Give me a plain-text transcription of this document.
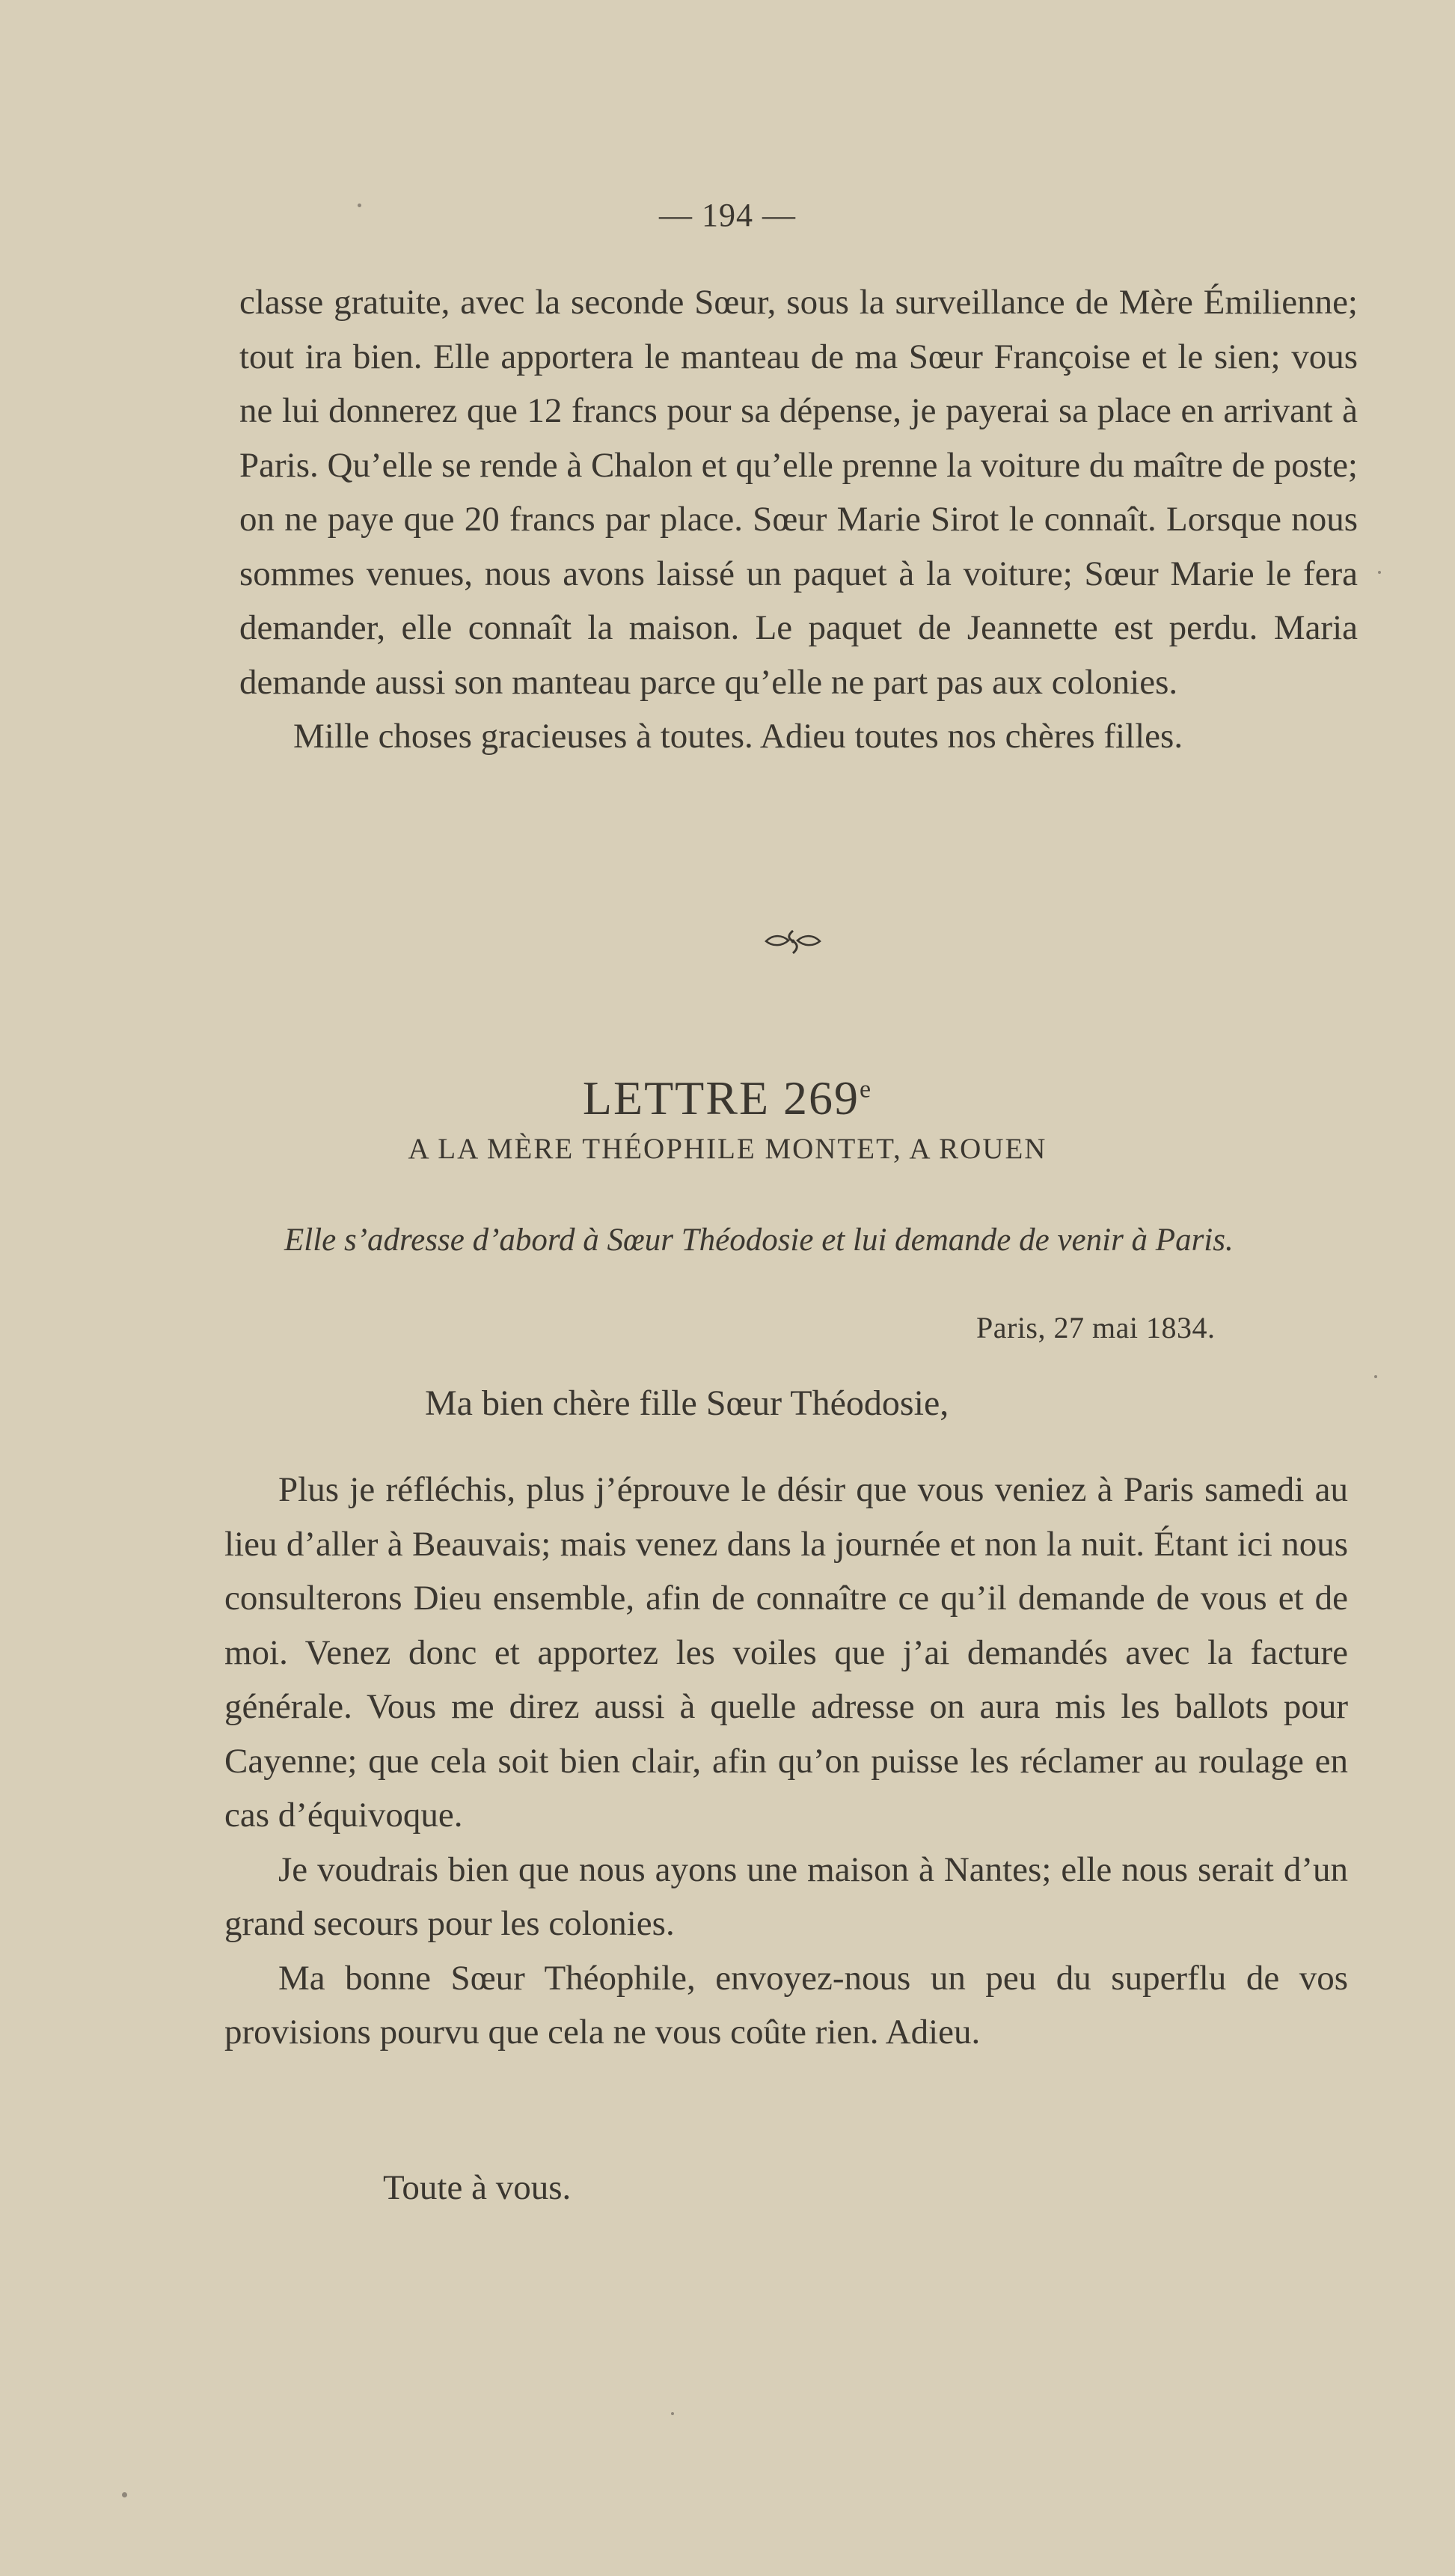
— 194 —

classe gratuite, avec la seconde Sœur, sous la surveillance de Mère Émilienne; tout ira bien. Elle apportera le manteau de ma Sœur Françoise et le sien; vous ne lui donnerez que 12 francs pour sa dépense, je payerai sa place en arrivant à Paris. Qu’elle se rende à Chalon et qu’elle prenne la voiture du maître de poste; on ne paye que 20 francs par place. Sœur Marie Sirot le connaît. Lorsque nous sommes venues, nous avons laissé un paquet à la voiture; Sœur Marie le fera demander, elle connaît la maison. Le paquet de Jeannette est perdu. Maria demande aussi son manteau parce qu’elle ne part pas aux colonies.

Mille choses gracieuses à toutes. Adieu toutes nos chères filles.

LETTRE 269e
A LA MÈRE THÉOPHILE MONTET, A ROUEN

Elle s’adresse d’abord à Sœur Théodosie et lui demande de venir à Paris.

Paris, 27 mai 1834.
Ma bien chère fille Sœur Théodosie,

Plus je réfléchis, plus j’éprouve le désir que vous veniez à Paris samedi au lieu d’aller à Beauvais; mais venez dans la journée et non la nuit. Étant ici nous consulterons Dieu ensemble, afin de connaître ce qu’il demande de vous et de moi. Venez donc et apportez les voiles que j’ai demandés avec la facture générale. Vous me direz aussi à quelle adresse on aura mis les ballots pour Cayenne; que cela soit bien clair, afin qu’on puisse les réclamer au roulage en cas d’équivoque.

Je voudrais bien que nous ayons une maison à Nantes; elle nous serait d’un grand secours pour les colonies.

Ma bonne Sœur Théophile, envoyez-nous un peu du superflu de vos provisions pourvu que cela ne vous coûte rien. Adieu.

Toute à vous.
